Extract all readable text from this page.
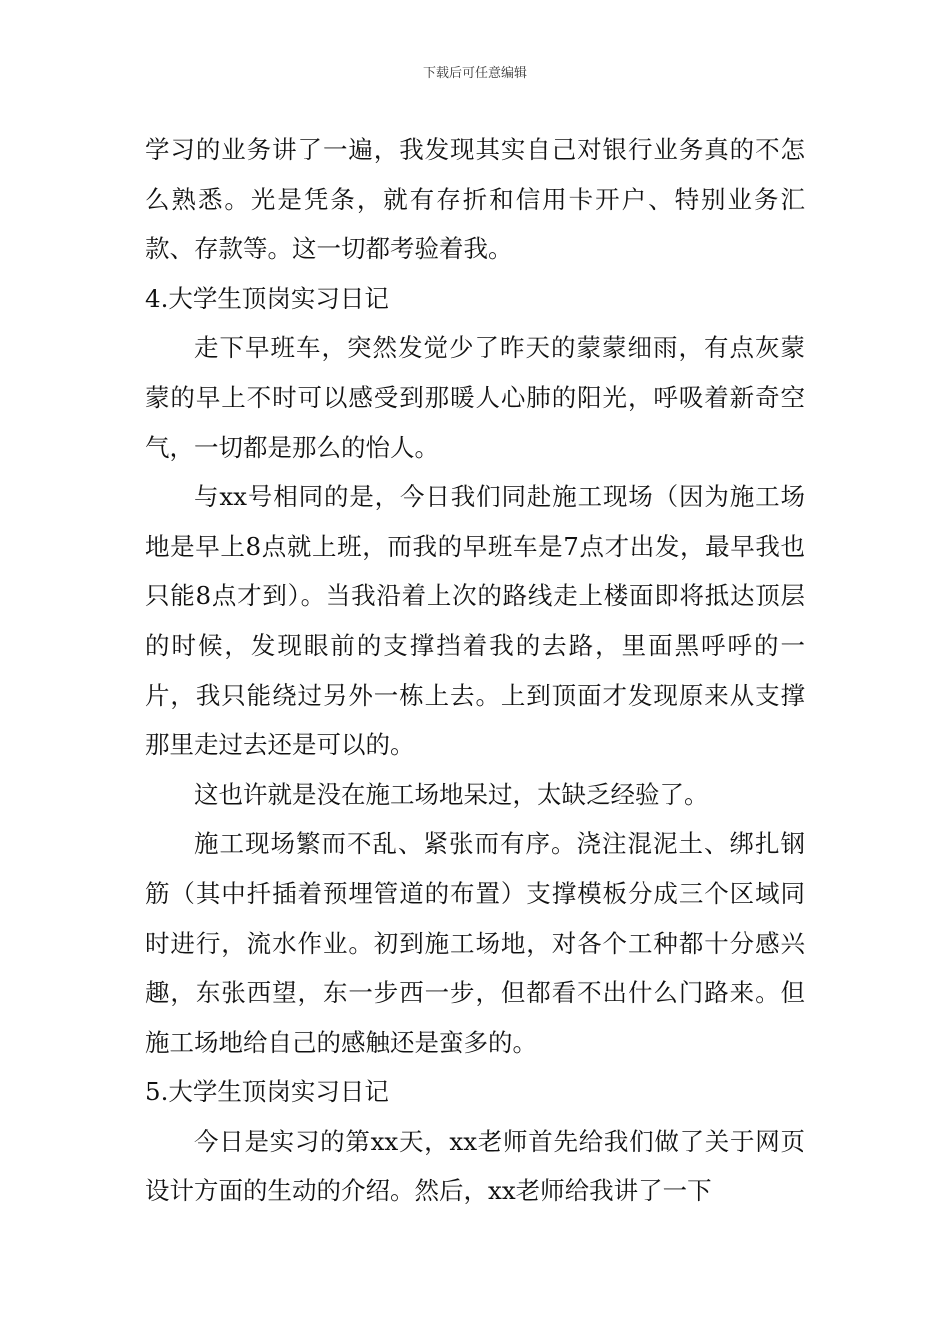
下载后可任意编辑

学习的业务讲了一遍，我发现其实自己对银行业务真的不怎么熟悉。光是凭条，就有存折和信用卡开户、特别业务汇款、存款等。这一切都考验着我。

4.大学生顶岗实习日记

走下早班车，突然发觉少了昨天的蒙蒙细雨，有点灰蒙蒙的早上不时可以感受到那暖人心肺的阳光，呼吸着新奇空气，一切都是那么的怡人。

与xx号相同的是，今日我们同赴施工现场（因为施工场地是早上8点就上班，而我的早班车是7点才出发，最早我也只能8点才到）。当我沿着上次的路线走上楼面即将抵达顶层的时候，发现眼前的支撑挡着我的去路，里面黑呼呼的一片，我只能绕过另外一栋上去。上到顶面才发现原来从支撑那里走过去还是可以的。

这也许就是没在施工场地呆过，太缺乏经验了。

施工现场繁而不乱、紧张而有序。浇注混泥土、绑扎钢筋（其中扦插着预埋管道的布置）支撑模板分成三个区域同时进行，流水作业。初到施工场地，对各个工种都十分感兴趣，东张西望，东一步西一步，但都看不出什么门路来。但施工场地给自己的感触还是蛮多的。

5.大学生顶岗实习日记

今日是实习的第xx天，xx老师首先给我们做了关于网页设计方面的生动的介绍。然后，xx老师给我讲了一下
